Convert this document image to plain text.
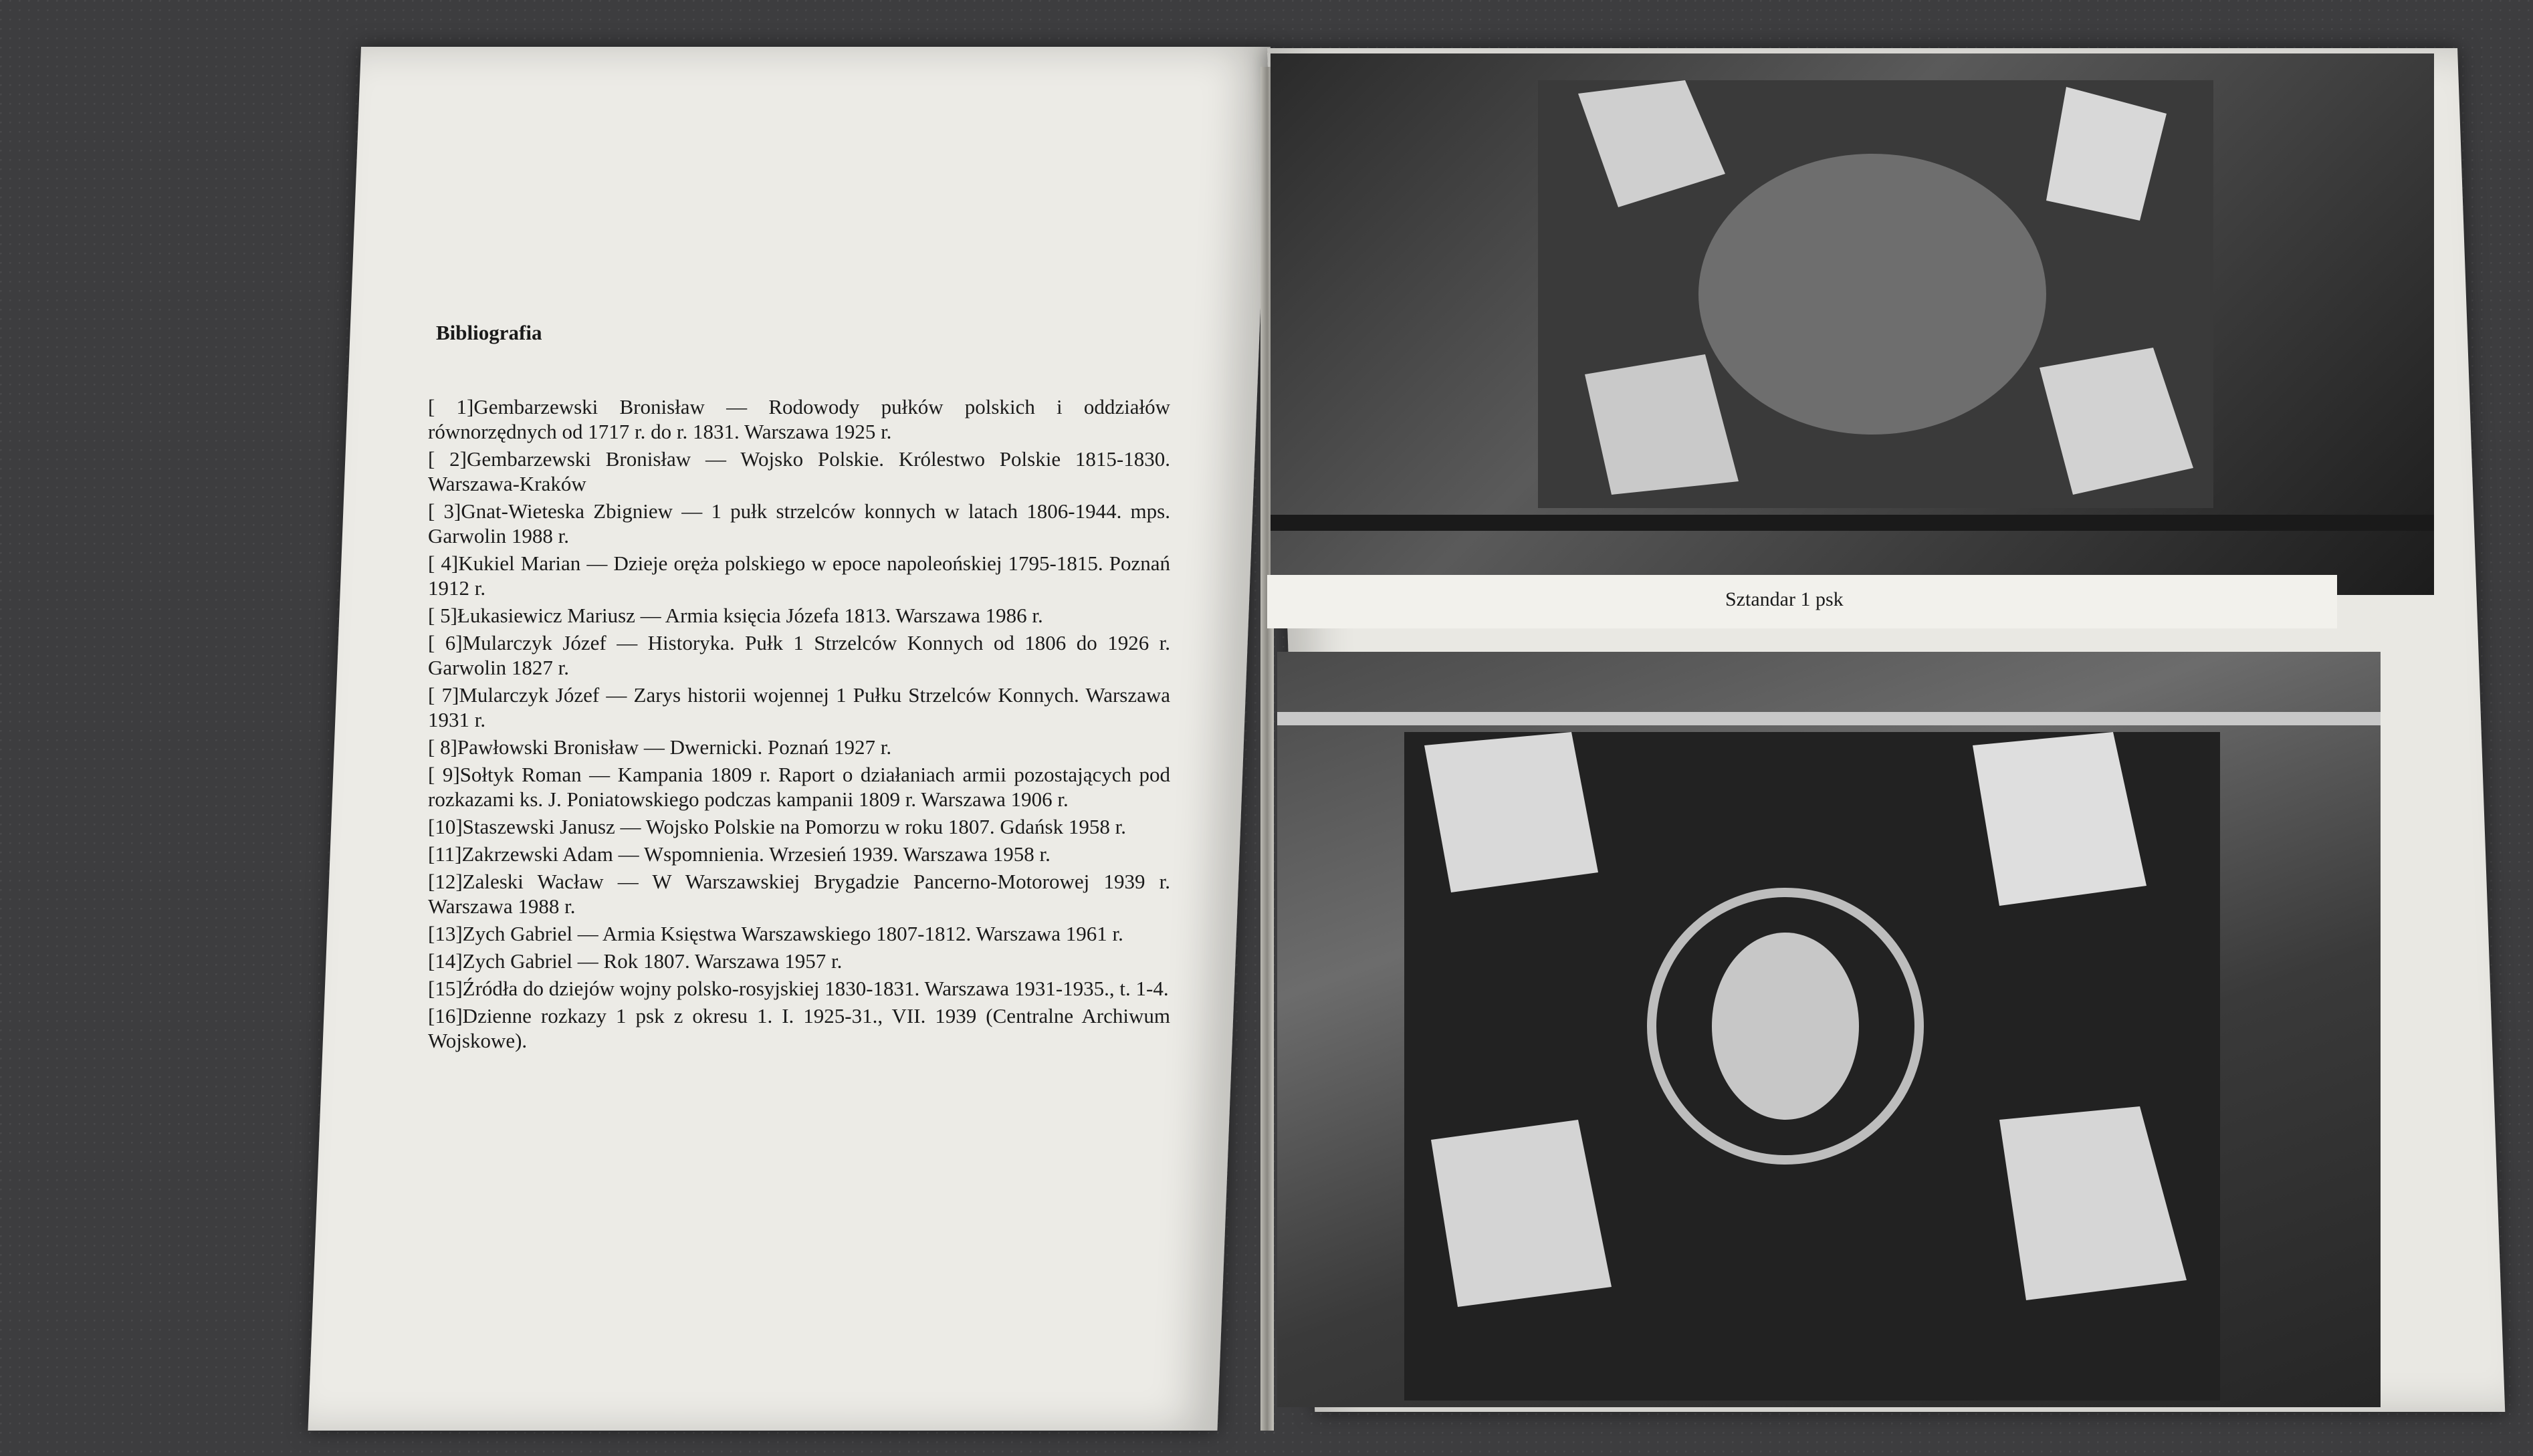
Bibliografia
[ 1]Gembarzewski Bronisław — Rodowody pułków polskich i oddziałów równorzędnych od 1717 r. do r. 1831. Warszawa 1925 r.
[ 2]Gembarzewski Bronisław — Wojsko Polskie. Królestwo Polskie 1815-1830. Warszawa-Kraków
[ 3]Gnat-Wieteska Zbigniew — 1 pułk strzelców konnych w latach 1806-1944. mps. Garwolin 1988 r.
[ 4]Kukiel Marian — Dzieje oręża polskiego w epoce napoleońskiej 1795-1815. Poznań 1912 r.
[ 5]Łukasiewicz Mariusz — Armia księcia Józefa 1813. Warszawa 1986 r.
[ 6]Mularczyk Józef — Historyka. Pułk 1 Strzelców Konnych od 1806 do 1926 r. Garwolin 1827 r.
[ 7]Mularczyk Józef — Zarys historii wojennej 1 Pułku Strzelców Konnych. Warszawa 1931 r.
[ 8]Pawłowski Bronisław — Dwernicki. Poznań 1927 r.
[ 9]Sołtyk Roman — Kampania 1809 r. Raport o działaniach armii pozostających pod rozkazami ks. J. Poniatowskiego podczas kampanii 1809 r. Warszawa 1906 r.
[10]Staszewski Janusz — Wojsko Polskie na Pomorzu w roku 1807. Gdańsk 1958 r.
[11]Zakrzewski Adam — Wspomnienia. Wrzesień 1939. Warszawa 1958 r.
[12]Zaleski Wacław — W Warszawskiej Brygadzie Pancerno-Motorowej 1939 r. Warszawa 1988 r.
[13]Zych Gabriel — Armia Księstwa Warszawskiego 1807-1812. Warszawa 1961 r.
[14]Zych Gabriel — Rok 1807. Warszawa 1957 r.
[15]Źródła do dziejów wojny polsko-rosyjskiej 1830-1831. Warszawa 1931-1935., t. 1-4.
[16]Dzienne rozkazy 1 psk z okresu 1. I. 1925-31., VII. 1939 (Centralne Archiwum Wojskowe).
Sztandar 1 psk
